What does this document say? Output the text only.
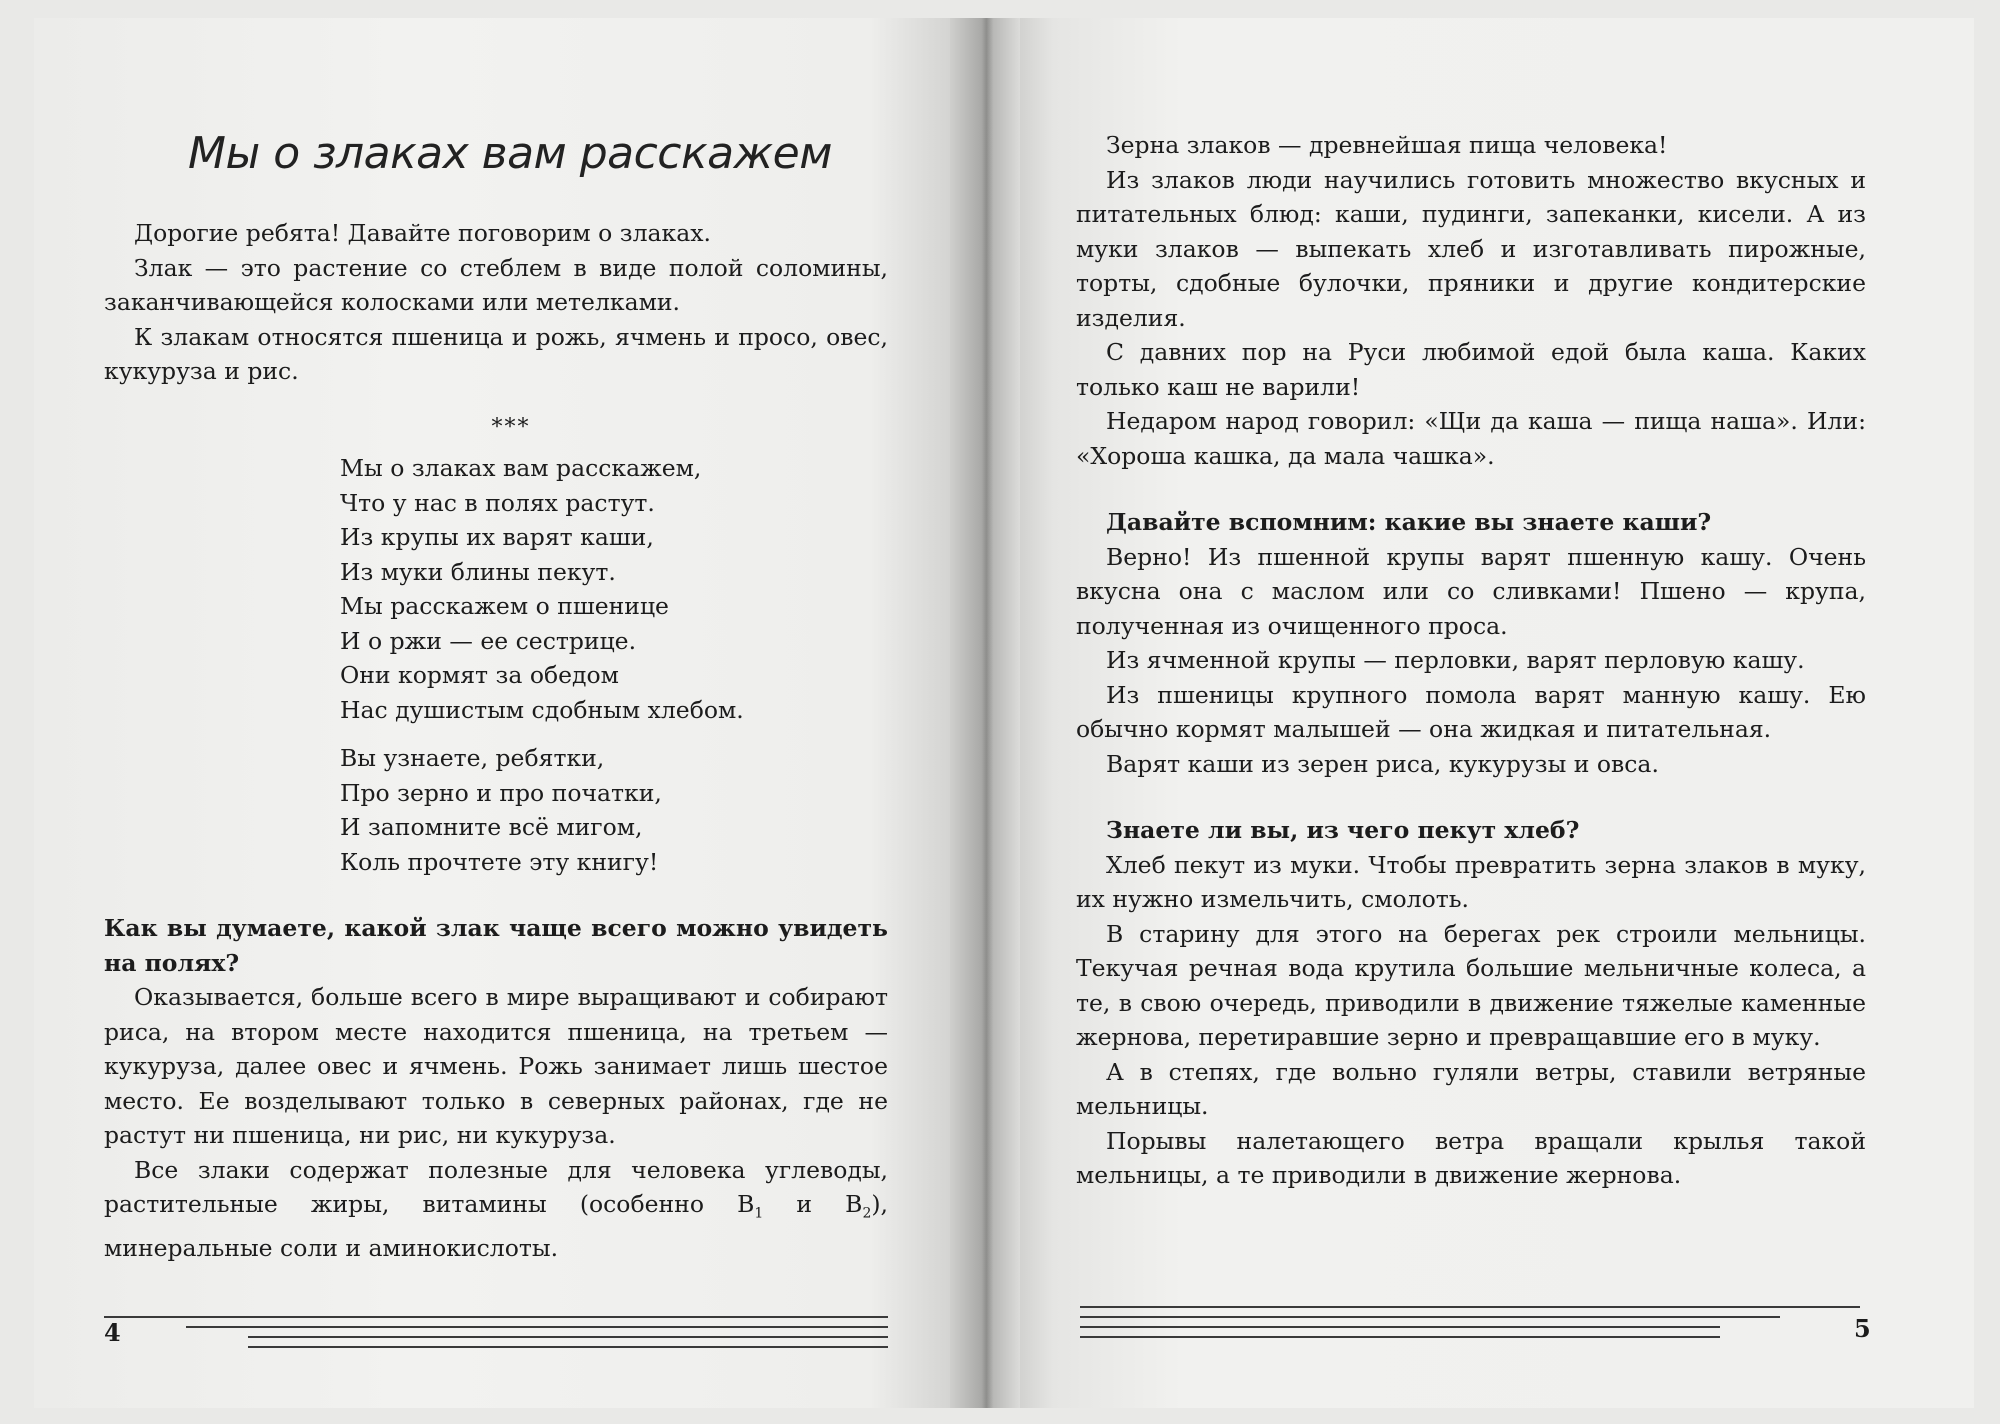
Мы о злаках вам расскажем

Дорогие ребята! Давайте поговорим о злаках.

Злак — это растение со стеблем в виде полой соломины, заканчивающейся колосками или метелками.

К злакам относятся пшеница и рожь, ячмень и просо, овес, кукуруза и рис.

***
Мы о злаках вам расскажем,
Что у нас в полях растут.
Из крупы их варят каши,
Из муки блины пекут.
Мы расскажем о пшенице
И о ржи — ее сестрице.
Они кормят за обедом
Нас душистым сдобным хлебом.
Вы узнаете, ребятки,
Про зерно и про початки,
И запомните всё мигом,
Коль прочтете эту книгу!

Как вы думаете, какой злак чаще всего можно увидеть на полях?

Оказывается, больше всего в мире выращивают и собирают риса, на втором месте находится пшеница, на третьем — кукуруза, далее овес и ячмень. Рожь занимает лишь шестое место. Ее возделывают только в северных районах, где не растут ни пшеница, ни рис, ни кукуруза.

Все злаки содержат полезные для человека углеводы, растительные жиры, витамины (особенно $B_1$ и $B_2$), минеральные соли и аминокислоты.

4

Зерна злаков — древнейшая пища человека!

Из злаков люди научились готовить множество вкусных и питательных блюд: каши, пудинги, запеканки, кисели. А из муки злаков — выпекать хлеб и изготавливать пирожные, торты, сдобные булочки, пряники и другие кондитерские изделия.

С давних пор на Руси любимой едой была каша. Каких только каш не варили!

Недаром народ говорил: «Щи да каша — пища наша». Или: «Хороша кашка, да мала чашка».

Давайте вспомним: какие вы знаете каши?

Верно! Из пшенной крупы варят пшенную кашу. Очень вкусна она с маслом или со сливками! Пшено — крупа, полученная из очищенного проса.

Из ячменной крупы — перловки, варят перловую кашу.

Из пшеницы крупного помола варят манную кашу. Ею обычно кормят малышей — она жидкая и питательная.

Варят каши из зерен риса, кукурузы и овса.

Знаете ли вы, из чего пекут хлеб?

Хлеб пекут из муки. Чтобы превратить зерна злаков в муку, их нужно измельчить, смолоть.

В старину для этого на берегах рек строили мельницы. Текучая речная вода крутила большие мельничные колеса, а те, в свою очередь, приводили в движение тяжелые каменные жернова, перетиравшие зерно и превращавшие его в муку.

А в степях, где вольно гуляли ветры, ставили ветряные мельницы.

Порывы налетающего ветра вращали крылья такой мельницы, а те приводили в движение жернова.

5
